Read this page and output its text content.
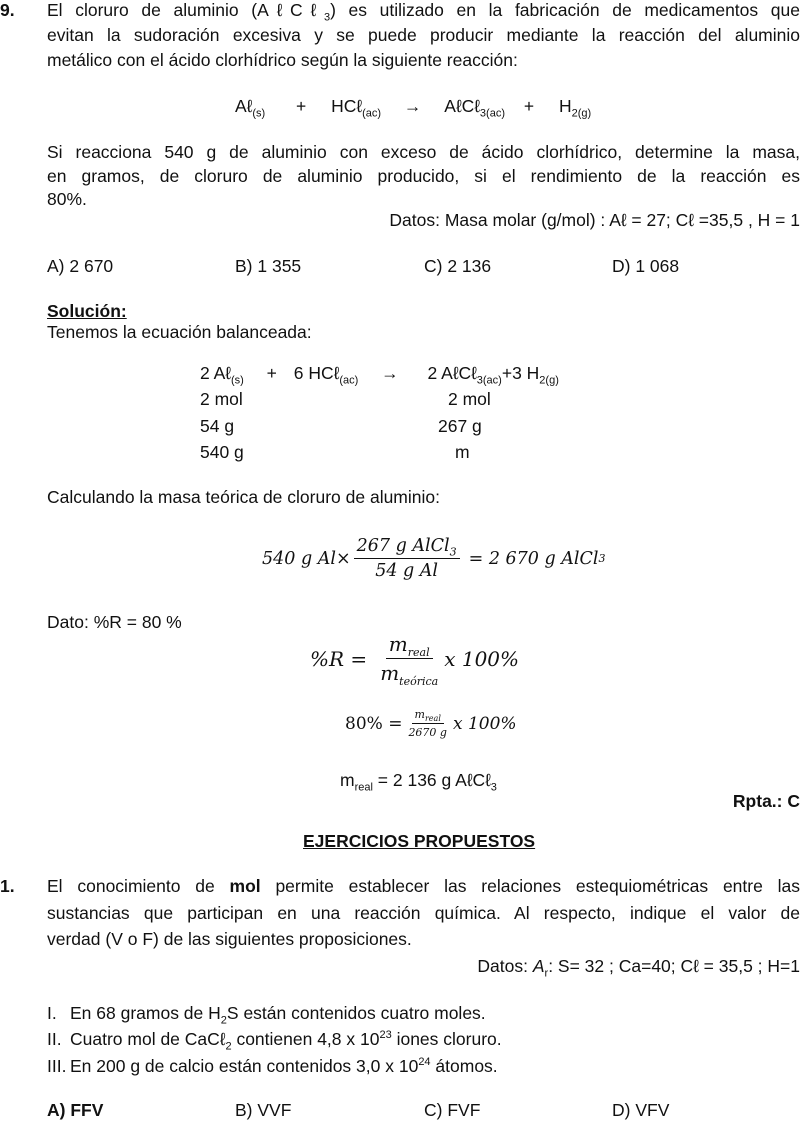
9. El cloruro de aluminio (AℓCℓ$_3$) es utilizado en la fabricación de medicamentos que
evitan la sudoración excesiva y se puede producir mediante la reacción del aluminio
metálico con el ácido clorhídrico según la siguiente reacción:
Aℓ$_{(s)}$ + HCℓ$_{(ac)}$ → AℓCℓ$_{3(ac)}$ + $H_{2(g)}$
Si reacciona 540 g de aluminio con exceso de ácido clorhídrico, determine la masa,
en gramos, de cloruro de aluminio producido, si el rendimiento de la reacción es
80%.
Datos: Masa molar (g/mol) : Aℓ = 27; Cℓ =35,5 , H = 1
A) 2 670	B) 1 355	C) 2 136	D) 1 068
Solución:
Tenemos la ecuación balanceada:
2 Aℓ$_{(s)}$ + 6 HCℓ$_{(ac)}$ → 2 AℓCℓ$_{3(ac)}$+3 $H_{2(g)}$
2 mol	2 mol
54 g	267 g
540 g	m
Calculando la masa teórica de cloruro de aluminio:
540 g $Al\times \frac{267 g AlCl_3}{\text{54 g Al}} = 2$ 670 g AlCl 3
Dato: %R = 80 %
$\%R = \frac{m_{real}}{m_{teórica}}$ x 100%
$80\% = \frac{m_{real}}{2670 g}$ x 100%
$m_{real} = 2$ 136 g AℓCℓ$_3$
Rpta.: C
EJERCICIOS PROPUESTOS
1. El conocimiento de mol permite establecer las relaciones estequiométricas entre las
sustancias que participan en una reacción química. Al respecto, indique el valor de
verdad (V o F) de las siguientes proposiciones.
Datos: $A_r$: S= 32 ; Ca=40; Cℓ = 35,5 ; H=1
I. En 68 gramos de $H_2S$ están contenidos cuatro moles.
II. Cuatro mol de CaCℓ$_2$ contienen 4,8 x $10^{23}$ iones cloruro.
III. En 200 g de calcio están contenidos 3,0 x $10^{24}$ átomos.
A) FFV	B) VVF	C) FVF	D) VFV
